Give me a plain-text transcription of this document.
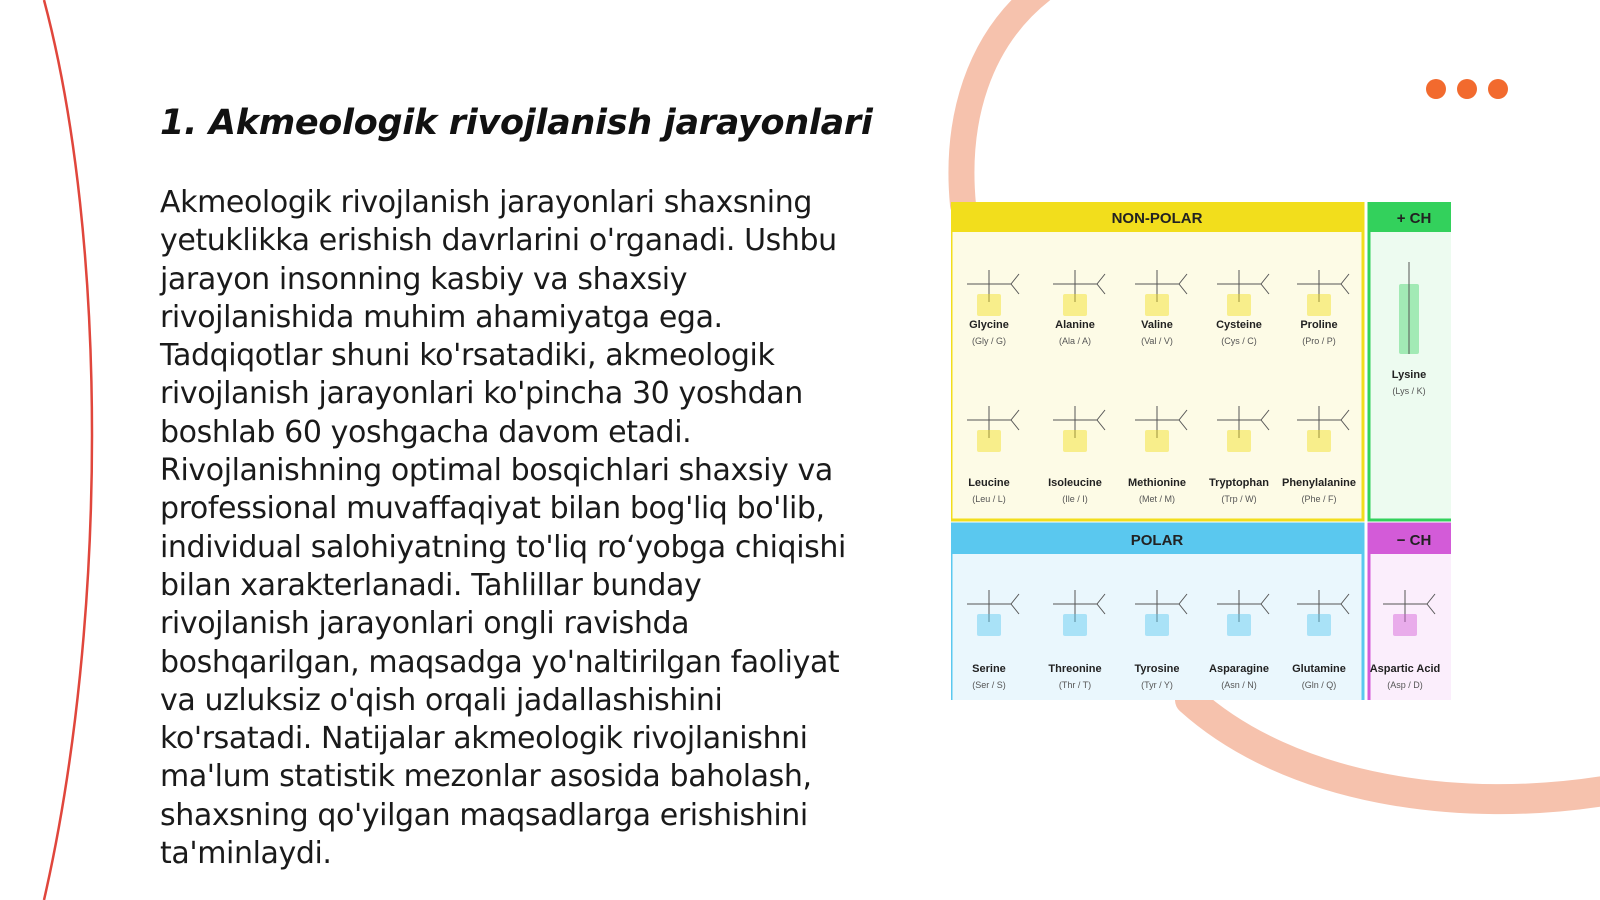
1. Akmeologik rivojlanish jarayonlari

Akmeologik rivojlanish jarayonlari shaxsning yetuklikka erishish davrlarini o'rganadi. Ushbu jarayon insonning kasbiy va shaxsiy rivojlanishida muhim ahamiyatga ega. Tadqiqotlar shuni ko'rsatadiki, akmeologik rivojlanish jarayonlari ko'pincha 30 yoshdan boshlab 60 yoshgacha davom etadi. Rivojlanishning optimal bosqichlari shaxsiy va professional muvaffaqiyat bilan bog'liq bo'lib, individual salohiyatning to'liq ro‘yobga chiqishi bilan xarakterlanadi. Tahlillar bunday rivojlanish jarayonlari ongli ravishda boshqarilgan, maqsadga yo'naltirilgan faoliyat va uzluksiz o'qish orqali jadallashishini ko'rsatadi. Natijalar akmeologik rivojlanishni ma'lum statistik mezonlar asosida baholash, shaxsning qo'yilgan maqsadlarga erishishini ta'minlaydi.

NON-POLAR	+ CH
POLAR	− CH
Glycine
(Gly / G)
Alanine
(Ala / A)
Valine
(Val / V)
Cysteine
(Cys / C)
Proline
(Pro / P)
Leucine
(Leu / L)
Isoleucine
(Ile / I)
Methionine
(Met / M)
Tryptophan
(Trp / W)
Phenylalanine
(Phe / F)
Lysine
(Lys / K)
Serine
(Ser / S)
Threonine
(Thr / T)
Tyrosine
(Tyr / Y)
Asparagine
(Asn / N)
Glutamine
(Gln / Q)
Aspartic Acid
(Asp / D)
